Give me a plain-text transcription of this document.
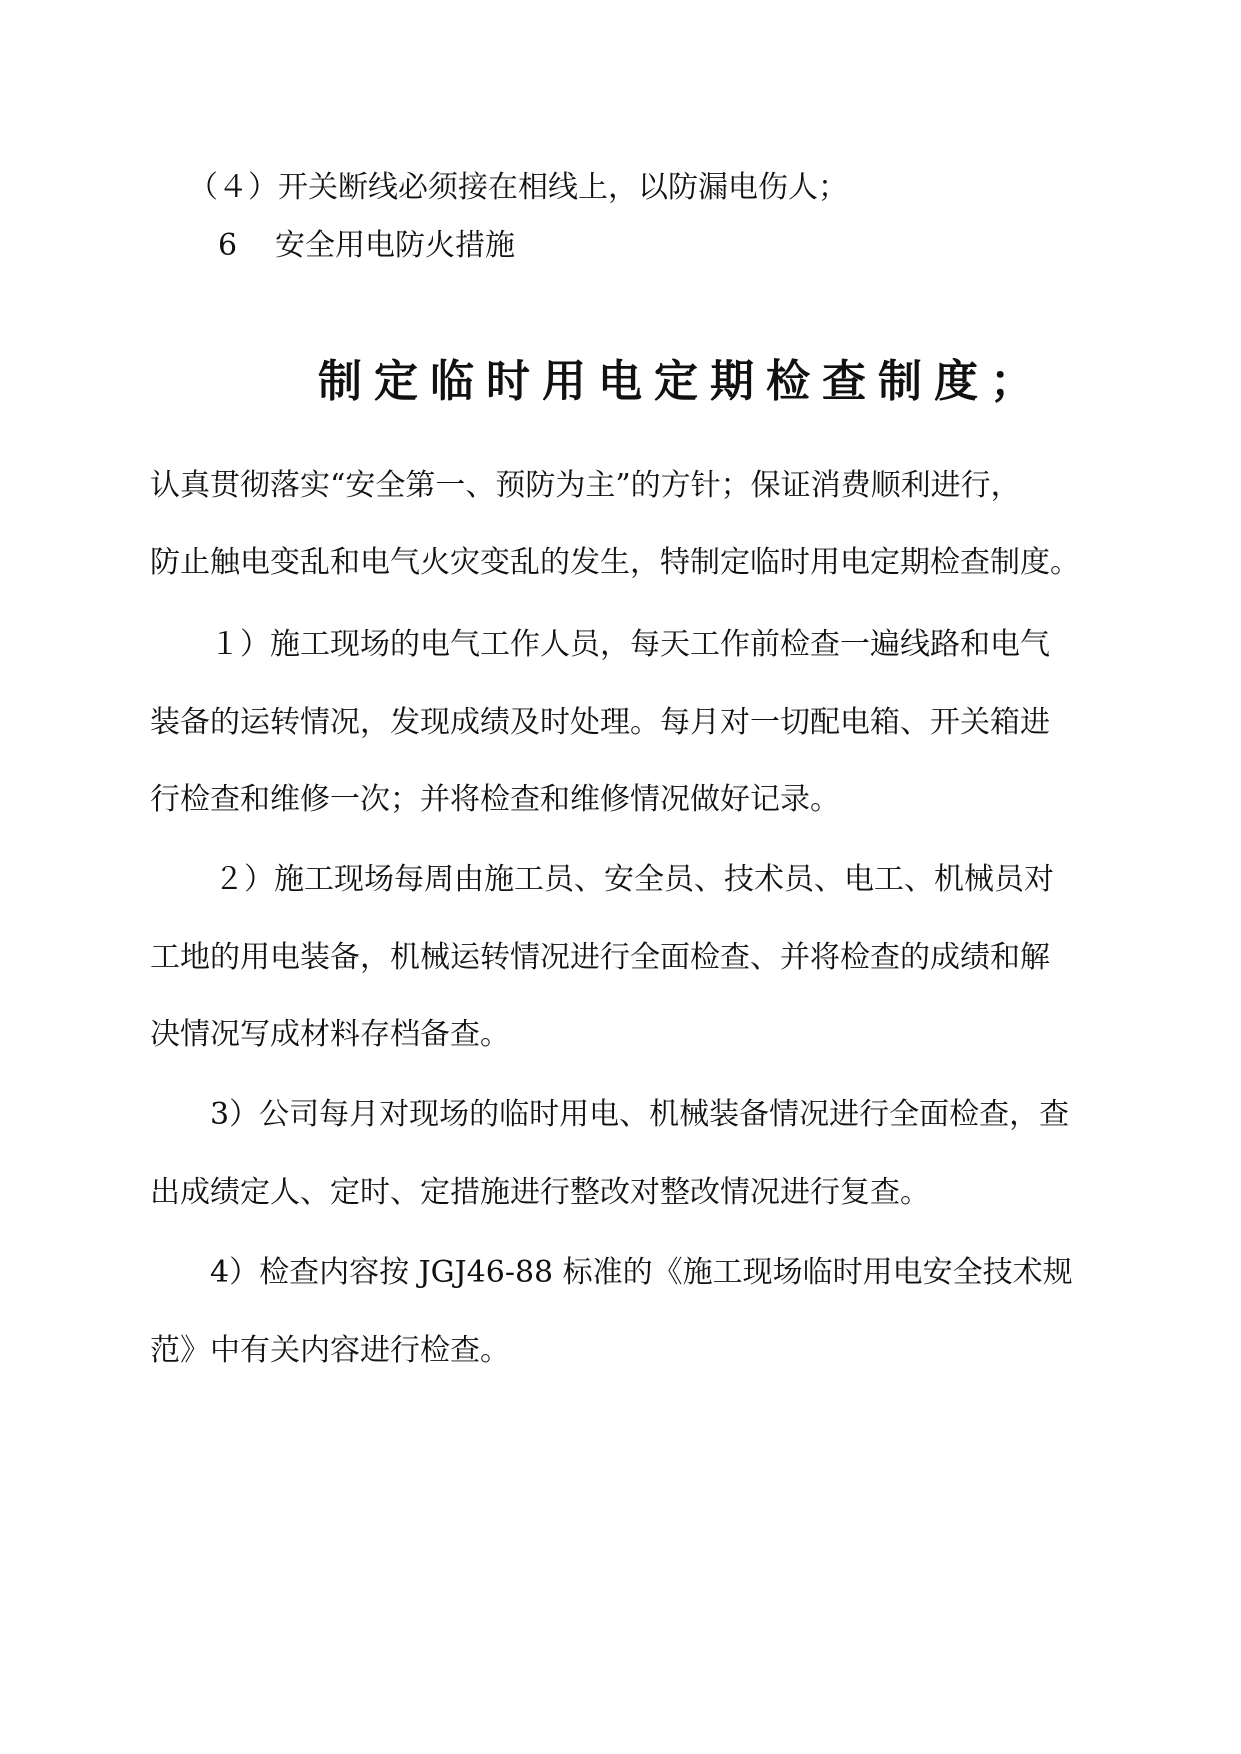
（４）开关断线必须接在相线上，以防漏电伤人；
6 安全用电防火措施
制定临时用电定期检查制度；
认真贯彻落实“安全第一、预防为主”的方针；保证消费顺利进行，
防止触电变乱和电气火灾变乱的发生，特制定临时用电定期检查制度。
１）施工现场的电气工作人员，每天工作前检查一遍线路和电气
装备的运转情况，发现成绩及时处理。每月对一切配电箱、开关箱进
行检查和维修一次；并将检查和维修情况做好记录。
２）施工现场每周由施工员、安全员、技术员、电工、机械员对
工地的用电装备，机械运转情况进行全面检查、并将检查的成绩和解
决情况写成材料存档备查。
3）公司每月对现场的临时用电、机械装备情况进行全面检查，查
出成绩定人、定时、定措施进行整改对整改情况进行复查。
4）检查内容按 JGJ46-88 标准的《施工现场临时用电安全技术规
范》中有关内容进行检查。
